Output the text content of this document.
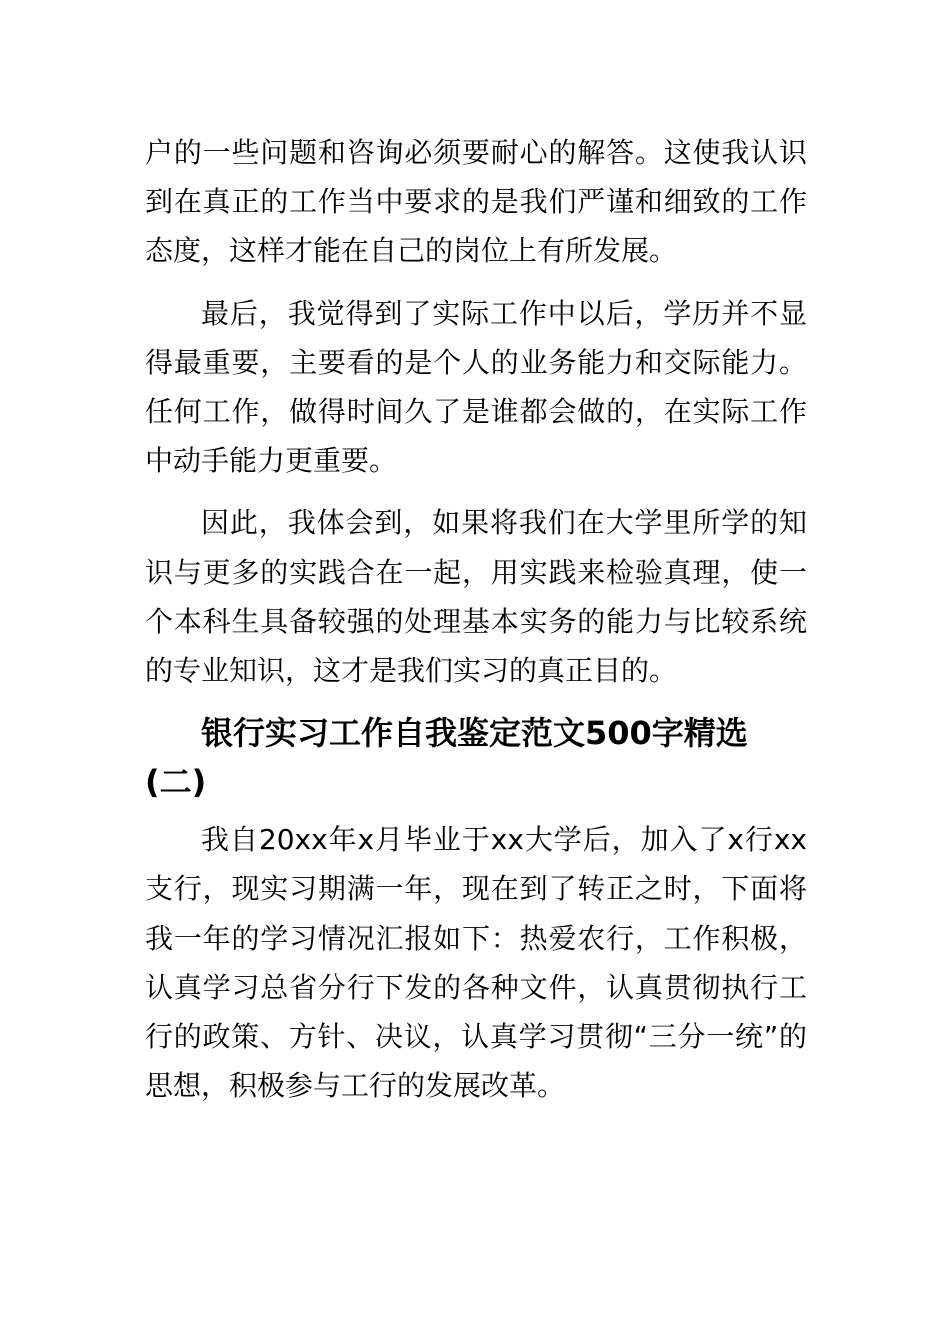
户的一些问题和咨询必须要耐心的解答。这使我认识到在真正的工作当中要求的是我们严谨和细致的工作态度，这样才能在自己的岗位上有所发展。

最后，我觉得到了实际工作中以后，学历并不显得最重要，主要看的是个人的业务能力和交际能力。任何工作，做得时间久了是谁都会做的，在实际工作中动手能力更重要。

因此，我体会到，如果将我们在大学里所学的知识与更多的实践合在一起，用实践来检验真理，使一个本科生具备较强的处理基本实务的能力与比较系统的专业知识，这才是我们实习的真正目的。

银行实习工作自我鉴定范文500字精选(二)

我自20xx年x月毕业于xx大学后，加入了x行xx支行，现实习期满一年，现在到了转正之时，下面将我一年的学习情况汇报如下：热爱农行，工作积极，认真学习总省分行下发的各种文件，认真贯彻执行工行的政策、方针、决议，认真学习贯彻“三分一统”的思想，积极参与工行的发展改革。
